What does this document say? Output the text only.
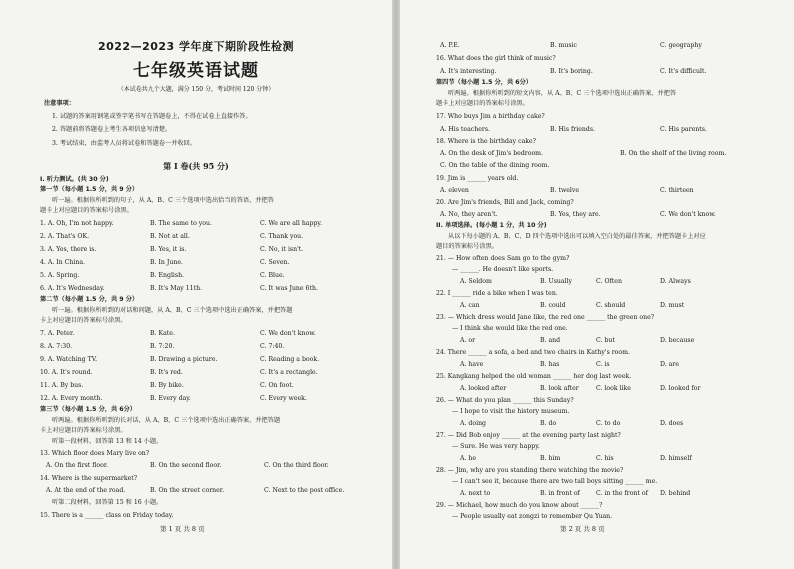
2022—2023 学年度下期阶段性检测
七年级英语试题
（本试卷共九个大题，满分 150 分，考试时间 120 分钟）
注意事项：
1. 试题的答案用钢笔或签字笔书写在答题卷上，不得在试卷上直接作答。
2. 答题前将答题卷上考生各项信息写清楚。
3. 考试结束，由监考人员将试卷和答题卷一并收回。
第 I 卷(共 95 分)
I. 听力测试。(共 30 分)
第一节（每小题 1.5 分，共 9 分）
听一遍。根据你所听到的句子，从 A、B、C 三个选项中选出恰当的答语，并把答
题卡上对应题目的答案标号涂黑。
1. A. Oh, I'm not happy.	B. The same to you.	C. We are all happy.
2. A. That's OK.	B. Not at all.	C. Thank you.
3. A. Yes, there is.	B. Yes, it is.	C. No, it isn't.
4. A. In China.	B. In June.	C. Seven.
5. A. Spring.	B. English.	C. Blue.
6. A. It's Wednesday.	B. It's May 11th.	C. It was June 6th.
第二节（每小题 1.5 分，共 9 分）
听一遍。根据你所听到的对话和问题，从 A、B、C 三个选项中选出正确答案，并把答题
卡上对应题目的答案标号涂黑。
7. A. Peter.	B. Kate.	C. We don't know.
8. A. 7:30.	B. 7:20.	C. 7:40.
9. A. Watching TV.	B. Drawing a picture.	C. Reading a book.
10. A. It's round.	B. It's red.	C. It's a rectangle.
11. A. By bus.	B. By bike.	C. On foot.
12. A. Every month.	B. Every day.	C. Every week.
第三节（每小题 1.5 分，共 6分）
听两遍。根据你所听到的长对话，从 A、B、C 三个选项中选出正确答案，并把答题
卡上对应题目的答案标号涂黑。
听第一段材料，回答第 13 和 14 小题。
13. Which floor does Mary live on?
A. On the first floor.	B. On the second floor.	C. On the third floor.
14. Where is the supermarket?
A. At the end of the road.	B. On the street corner.	C. Next to the post office.
听第二段材料，回答第 15 和 16 小题。
15. There is a ______ class on Friday today.
第 1 页 共 8 页
A. P.E.	B. music	C. geography
16. What does the girl think of music?
A. It's interesting.	B. It's boring.	C. It's difficult.
第四节（每小题 1.5 分，共 6分）
听两遍。根据你所听到的短文内容，从 A、B、C 三个选项中选出正确答案，并把答
题卡上对应题目的答案标号涂黑。
17. Who buys Jim a birthday cake?
A. His teachers.	B. His friends.	C. His parents.
18. Where is the birthday cake?
A. On the desk of Jim's bedroom.	B. On the shelf of the living room.
C. On the table of the dining room.
19. Jim is ______ years old.
A. eleven	B. twelve	C. thirteen
20. Are Jim's friends, Bill and Jack, coming?
A. No, they aren't.	B. Yes, they are.	C. We don't know.
II. 单项选择。(每小题 1 分，共 10 分)
从以下每小题的 A、B、C、D 四个选项中选出可以填入空白处的最佳答案，并把答题卡上对应
题目的答案标号涂黑。
21. — How often does Sam go to the gym?
— ______. He doesn't like sports.
A. Seldom	B. Usually	C. Often	D. Always
22. I ______ ride a bike when I was ten.
A. can	B. could	C. should	D. must
23. — Which dress would Jane like, the red one ______ the green one?
— I think she would like the red one.
A. or	B. and	C. but	D. because
24. There ______ a sofa, a bed and two chairs in Kathy's room.
A. have	B. has	C. is	D. are
25. Kangkang helped the old woman ______ her dog last week.
A. looked after	B. look after	C. look like	D. looked for
26. — What do you plan ______ this Sunday?
— I hope to visit the history museum.
A. doing	B. do	C. to do	D. does
27. — Did Bob enjoy ______ at the evening party last night?
— Sure. He was very happy.
A. he	B. him	C. his	D. himself
28. — Jim, why are you standing there watching the movie?
— I can't see it, because there are two tall boys sitting ______ me.
A. next to	B. in front of	C. in the front of D. behind
29. — Michael, how much do you know about ______?
— People usually eat zongzi to remember Qu Yuan.
第 2 页 共 8 页
